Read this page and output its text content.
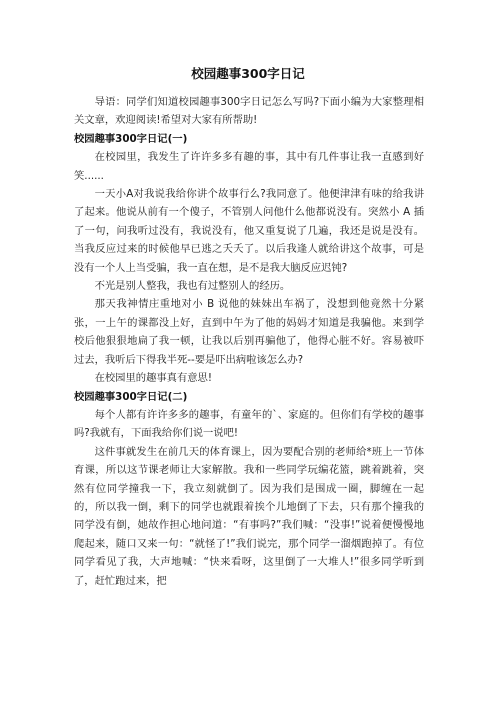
校园趣事300字日记

导语：同学们知道校园趣事300字日记怎么写吗?下面小编为大家整理相关文章，欢迎阅读!希望对大家有所帮助!

校园趣事300字日记(一)

在校园里，我发生了许许多多有趣的事，其中有几件事让我一直感到好笑......

一天小A对我说我给你讲个故事行么?我同意了。他便津津有味的给我讲了起来。他说从前有一个傻子，不管别人问他什么他都说没有。突然小 A 插了一句，问我听过没有，我说没有，他又重复说了几遍，我还是说是没有。当我反应过来的时候他早已逃之夭夭了。以后我逢人就给讲这个故事，可是没有一个人上当受骗，我一直在想，是不是我大脑反应迟钝?

不光是别人整我，我也有过整别人的经历。

那天我神情庄重地对小 B 说他的妹妹出车祸了，没想到他竟然十分紧张，一上午的课都没上好，直到中午为了他的妈妈才知道是我骗他。来到学校后他狠狠地扁了我一顿，让我以后别再骗他了，他得心脏不好。容易被吓过去，我听后下得我半死--要是吓出病啦该怎么办?

在校园里的趣事真有意思!

校园趣事300字日记(二)

每个人都有许许多多的趣事，有童年的`、家庭的。但你们有学校的趣事吗?我就有，下面我给你们说一说吧!

这件事就发生在前几天的体育课上，因为要配合别的老师给*班上一节体育课，所以这节课老师让大家解散。我和一些同学玩编花篮，跳着跳着，突然有位同学撞我一下，我立刻就倒了。因为我们是围成一圈，脚缠在一起的，所以我一倒，剩下的同学也就跟着挨个儿地倒了下去，只有那个撞我的同学没有倒，她故作担心地问道：“有事吗?”我们喊：“没事!”说着便慢慢地爬起来，随口又来一句：“就怪了!”我们说完，那个同学一溜烟跑掉了。有位同学看见了我，大声地喊：“快来看呀，这里倒了一大堆人!”很多同学听到了，赶忙跑过来，把
